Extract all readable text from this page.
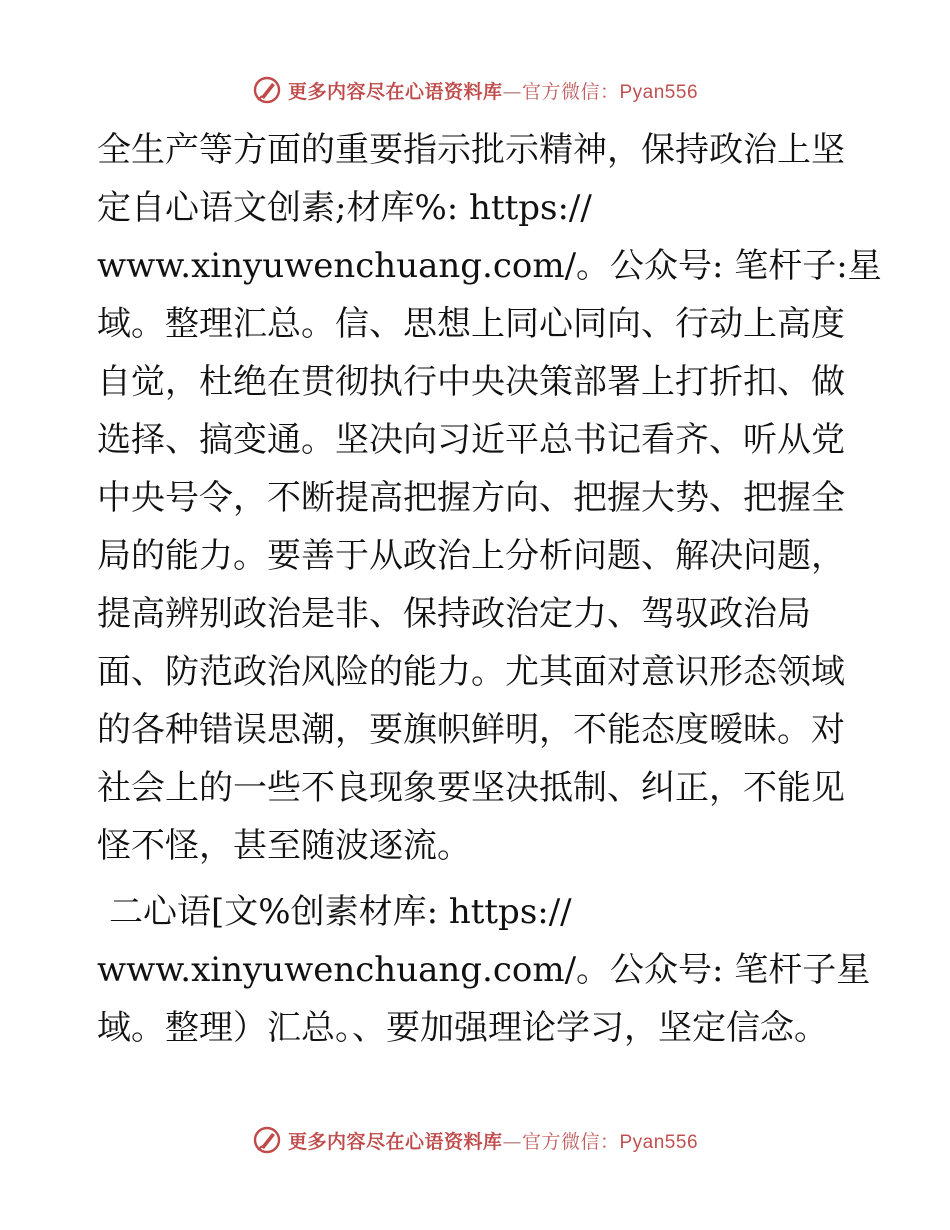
更多内容尽在心语资料库—官方微信：Pyan556
全生产等方面的重要指示批示精神，保持政治上坚
定自心语文创素;材库%: https://
www.xinyuwenchuang.com/。公众号: 笔杆子:星
域。整理汇总。信、思想上同心同向、行动上高度
自觉，杜绝在贯彻执行中央决策部署上打折扣、做
选择、搞变通。坚决向习近平总书记看齐、听从党
中央号令，不断提高把握方向、把握大势、把握全
局的能力。要善于从政治上分析问题、解决问题，
提高辨别政治是非、保持政治定力、驾驭政治局
面、防范政治风险的能力。尤其面对意识形态领域
的各种错误思潮，要旗帜鲜明，不能态度暧昧。对
社会上的一些不良现象要坚决抵制、纠正，不能见
怪不怪，甚至随波逐流。
二心语[文%创素材库: https://
www.xinyuwenchuang.com/。公众号: 笔杆子星
域。整理）汇总。、要加强理论学习，坚定信念。
更多内容尽在心语资料库—官方微信：Pyan556
